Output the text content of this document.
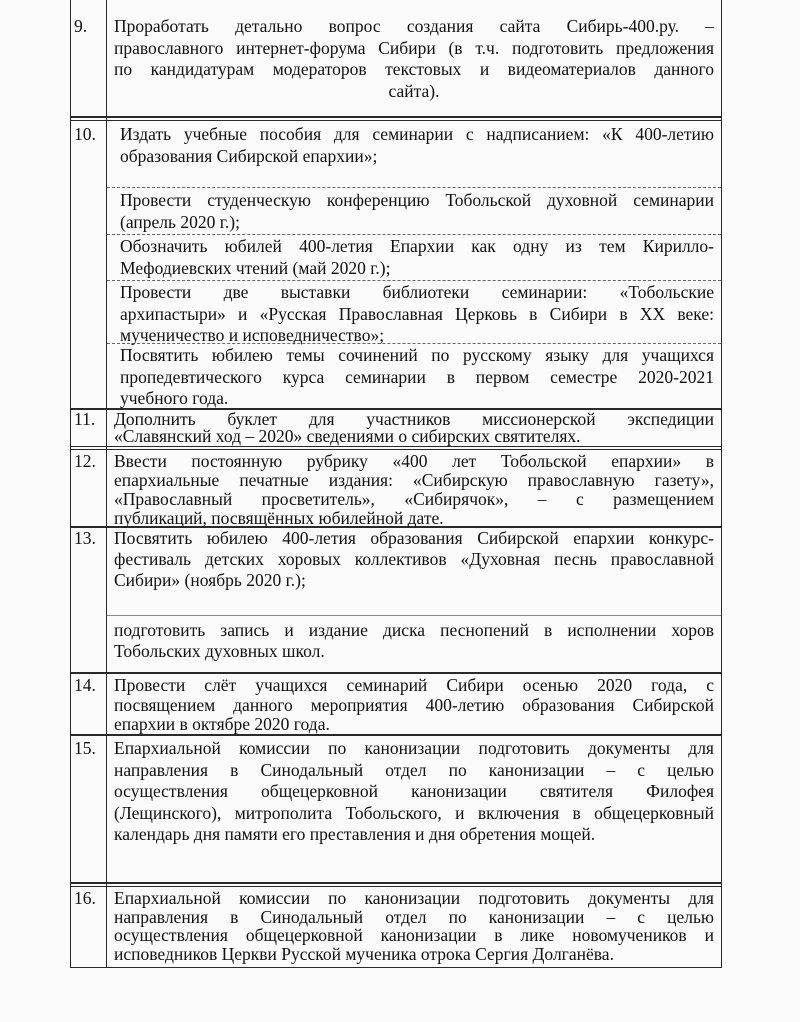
9. Проработать детально вопрос создания сайта Сибирь-400.ру. –
православного интернет-форума Сибири (в т.ч. подготовить предложения
по кандидатурам модераторов текстовых и видеоматериалов данного
сайта).
10. Издать учебные пособия для семинарии с надписанием: «К 400-летию
образования Сибирской епархии»;
Провести студенческую конференцию Тобольской духовной семинарии
(апрель 2020 г.);
Обозначить юбилей 400-летия Епархии как одну из тем Кирилло-
Мефодиевских чтений (май 2020 г.);
Провести две выставки библиотеки семинарии: «Тобольские
архипастыри» и «Русская Православная Церковь в Сибири в XX веке:
мученичество и исповедничество»;
Посвятить юбилею темы сочинений по русскому языку для учащихся
пропедевтического курса семинарии в первом семестре 2020-2021
учебного года.
11. Дополнить буклет для участников миссионерской экспедиции
«Славянский ход – 2020» сведениями о сибирских святителях.
12. Ввести постоянную рубрику «400 лет Тобольской епархии» в
епархиальные печатные издания: «Сибирскую православную газету»,
«Православный просветитель», «Сибирячок», – с размещением
публикаций, посвящённых юбилейной дате.
13. Посвятить юбилею 400-летия образования Сибирской епархии конкурс-
фестиваль детских хоровых коллективов «Духовная песнь православной
Сибири» (ноябрь 2020 г.);
подготовить запись и издание диска песнопений в исполнении хоров
Тобольских духовных школ.
14. Провести слёт учащихся семинарий Сибири осенью 2020 года, с
посвящением данного мероприятия 400-летию образования Сибирской
епархии в октябре 2020 года.
15. Епархиальной комиссии по канонизации подготовить документы для
направления в Синодальный отдел по канонизации – с целью
осуществления общецерковной канонизации святителя Филофея
(Лещинского), митрополита Тобольского, и включения в общецерковный
календарь дня памяти его преставления и дня обретения мощей.
16. Епархиальной комиссии по канонизации подготовить документы для
направления в Синодальный отдел по канонизации – с целью
осуществления общецерковной канонизации в лике новомучеников и
исповедников Церкви Русской мученика отрока Сергия Долганёва.
